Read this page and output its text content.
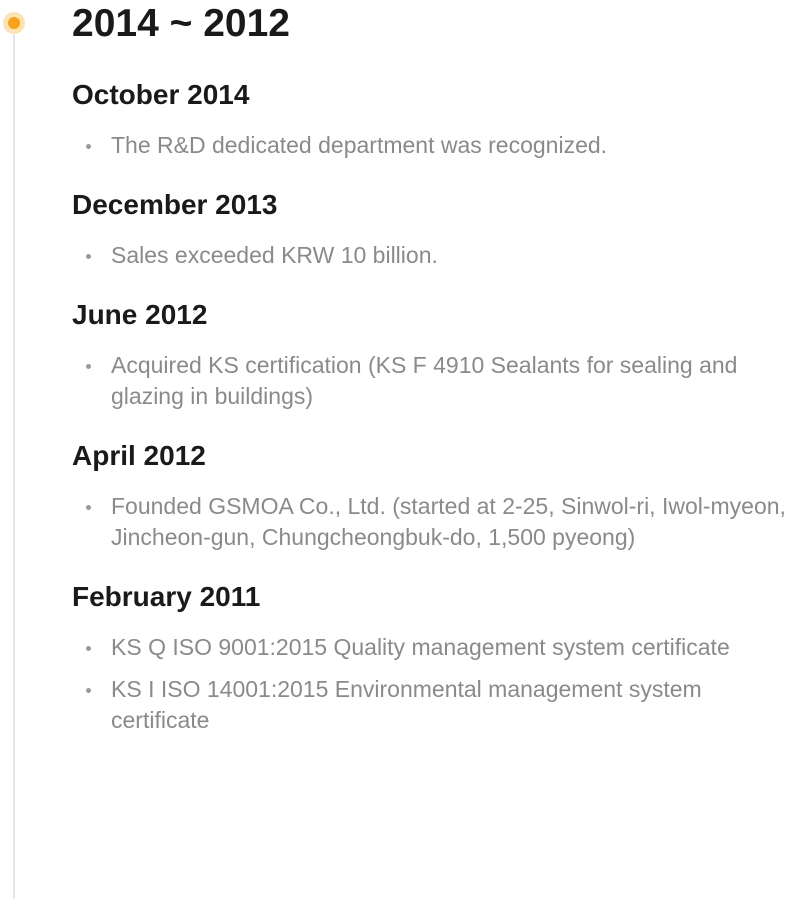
2014 ~ 2012
October 2014
The R&D dedicated department was recognized.
December 2013
Sales exceeded KRW 10 billion.
June 2012
Acquired KS certification (KS F 4910 Sealants for sealing and glazing in buildings)
April 2012
Founded GSMOA Co., Ltd. (started at 2-25, Sinwol-ri, Iwol-myeon, Jincheon-gun, Chungcheongbuk-do, 1,500 pyeong)
February 2011
KS Q ISO 9001:2015 Quality management system certificate
KS I ISO 14001:2015 Environmental management system certificate
